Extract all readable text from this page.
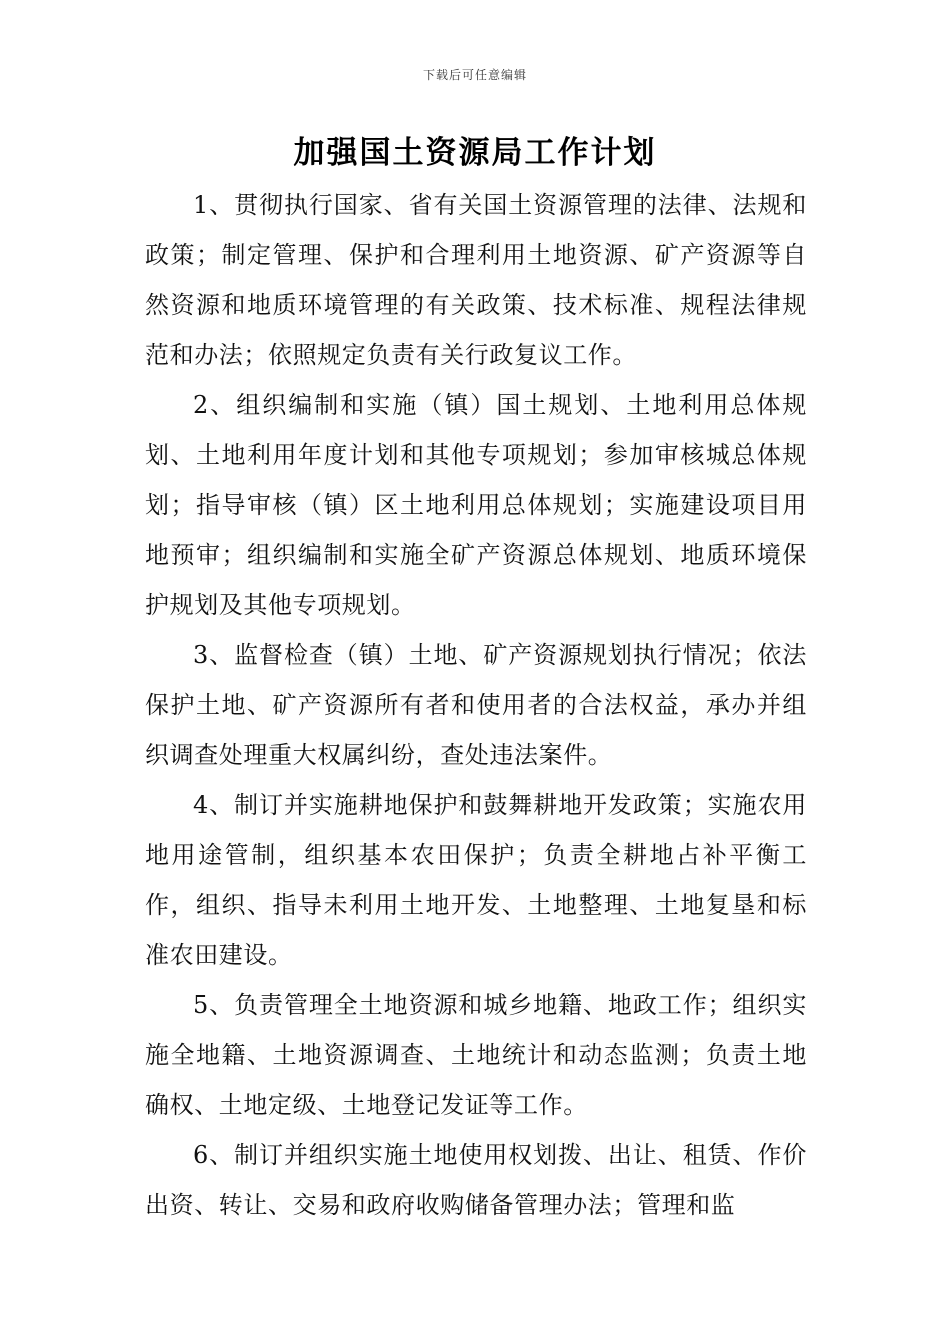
下载后可任意编辑
加强国土资源局工作计划

1、贯彻执行国家、省有关国土资源管理的法律、法规和政策；制定管理、保护和合理利用土地资源、矿产资源等自然资源和地质环境管理的有关政策、技术标准、规程法律规范和办法；依照规定负责有关行政复议工作。

2、组织编制和实施（镇）国土规划、土地利用总体规划、土地利用年度计划和其他专项规划；参加审核城总体规划；指导审核（镇）区土地利用总体规划；实施建设项目用地预审；组织编制和实施全矿产资源总体规划、地质环境保护规划及其他专项规划。

3、监督检查（镇）土地、矿产资源规划执行情况；依法保护土地、矿产资源所有者和使用者的合法权益，承办并组织调查处理重大权属纠纷，查处违法案件。

4、制订并实施耕地保护和鼓舞耕地开发政策；实施农用地用途管制，组织基本农田保护；负责全耕地占补平衡工作，组织、指导未利用土地开发、土地整理、土地复垦和标准农田建设。

5、负责管理全土地资源和城乡地籍、地政工作；组织实施全地籍、土地资源调查、土地统计和动态监测；负责土地确权、土地定级、土地登记发证等工作。

6、制订并组织实施土地使用权划拨、出让、租赁、作价出资、转让、交易和政府收购储备管理办法；管理和监
